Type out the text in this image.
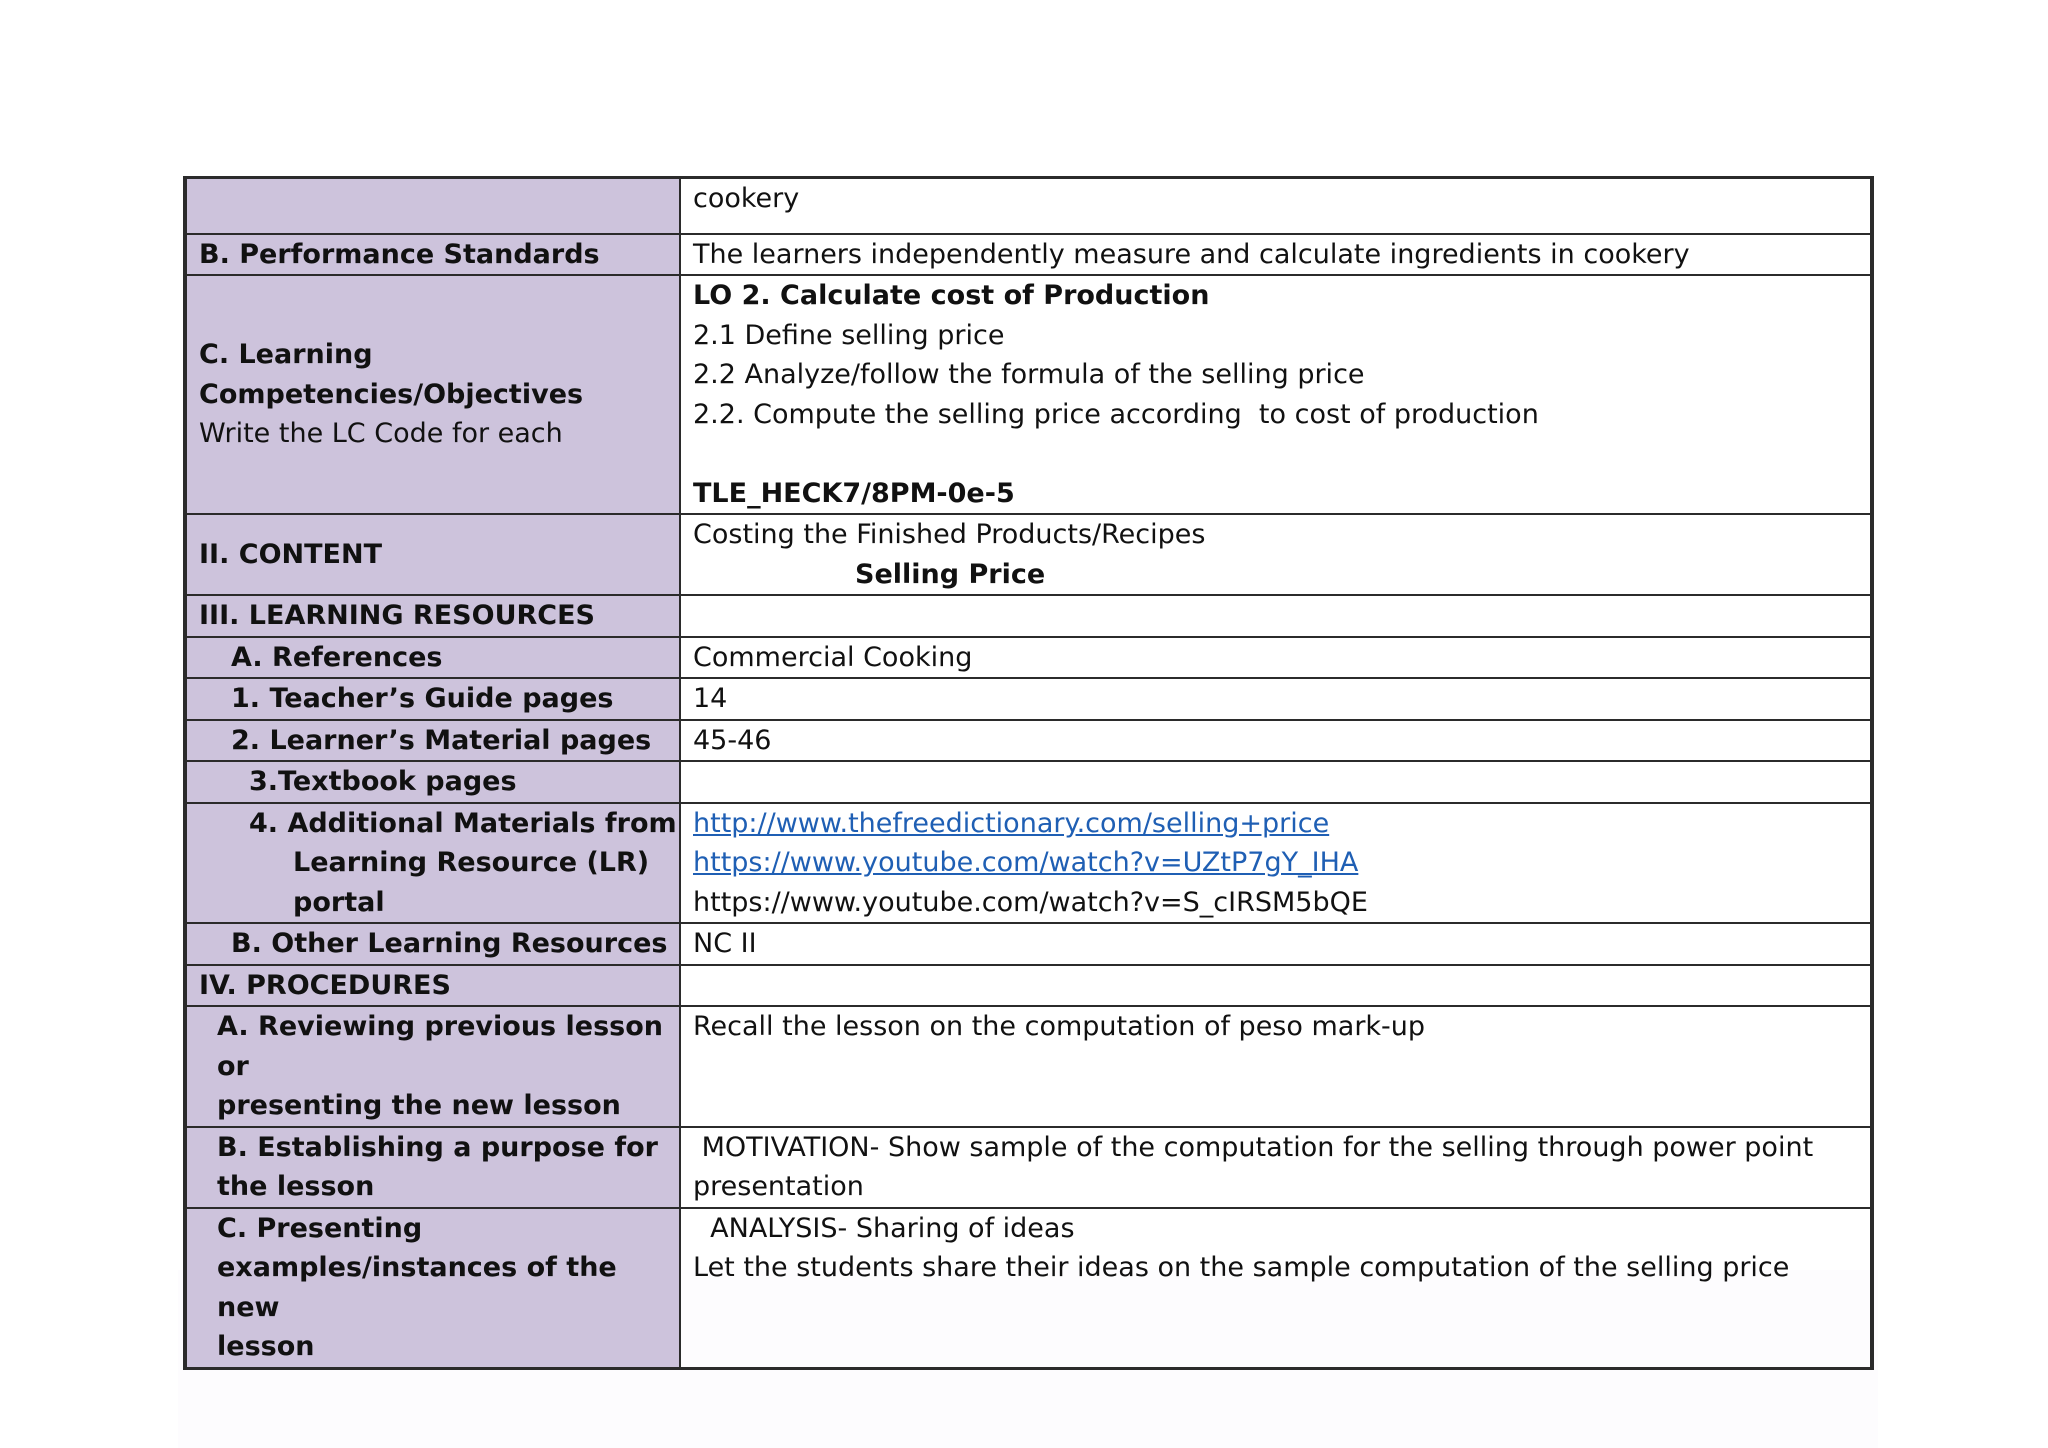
	cookery

B. Performance Standards	The learners independently measure and calculate ingredients in cookery

C. Learning
Competencies/Objectives
Write the LC Code for each	LO 2. Calculate cost of Production
2.1 Define selling price
2.2 Analyze/follow the formula of the selling price
2.2. Compute the selling price according  to cost of production
TLE_HECK7/8PM-0e-5

II. CONTENT	Costing the Finished Products/Recipes
Selling Price

III. LEARNING RESOURCES	
A. References	Commercial Cooking
1. Teacher’s Guide pages	14
2. Learner’s Material pages	45-46
3.Textbook pages	

4. Additional Materials from
Learning Resource (LR)
portal	http://www.thefreedictionary.com/selling+price
https://www.youtube.com/watch?v=UZtP7gY_IHA
https://www.youtube.com/watch?v=S_cIRSM5bQE

B. Other Learning Resources	NC II
IV. PROCEDURES	

A. Reviewing previous lesson or
presenting the new lesson	Recall the lesson on the computation of peso mark-up

B. Establishing a purpose for
the lesson	MOTIVATION- Show sample of the computation for the selling through power point
presentation

C. Presenting
examples/instances of the new
lesson	ANALYSIS- Sharing of ideas
Let the students share their ideas on the sample computation of the selling price
